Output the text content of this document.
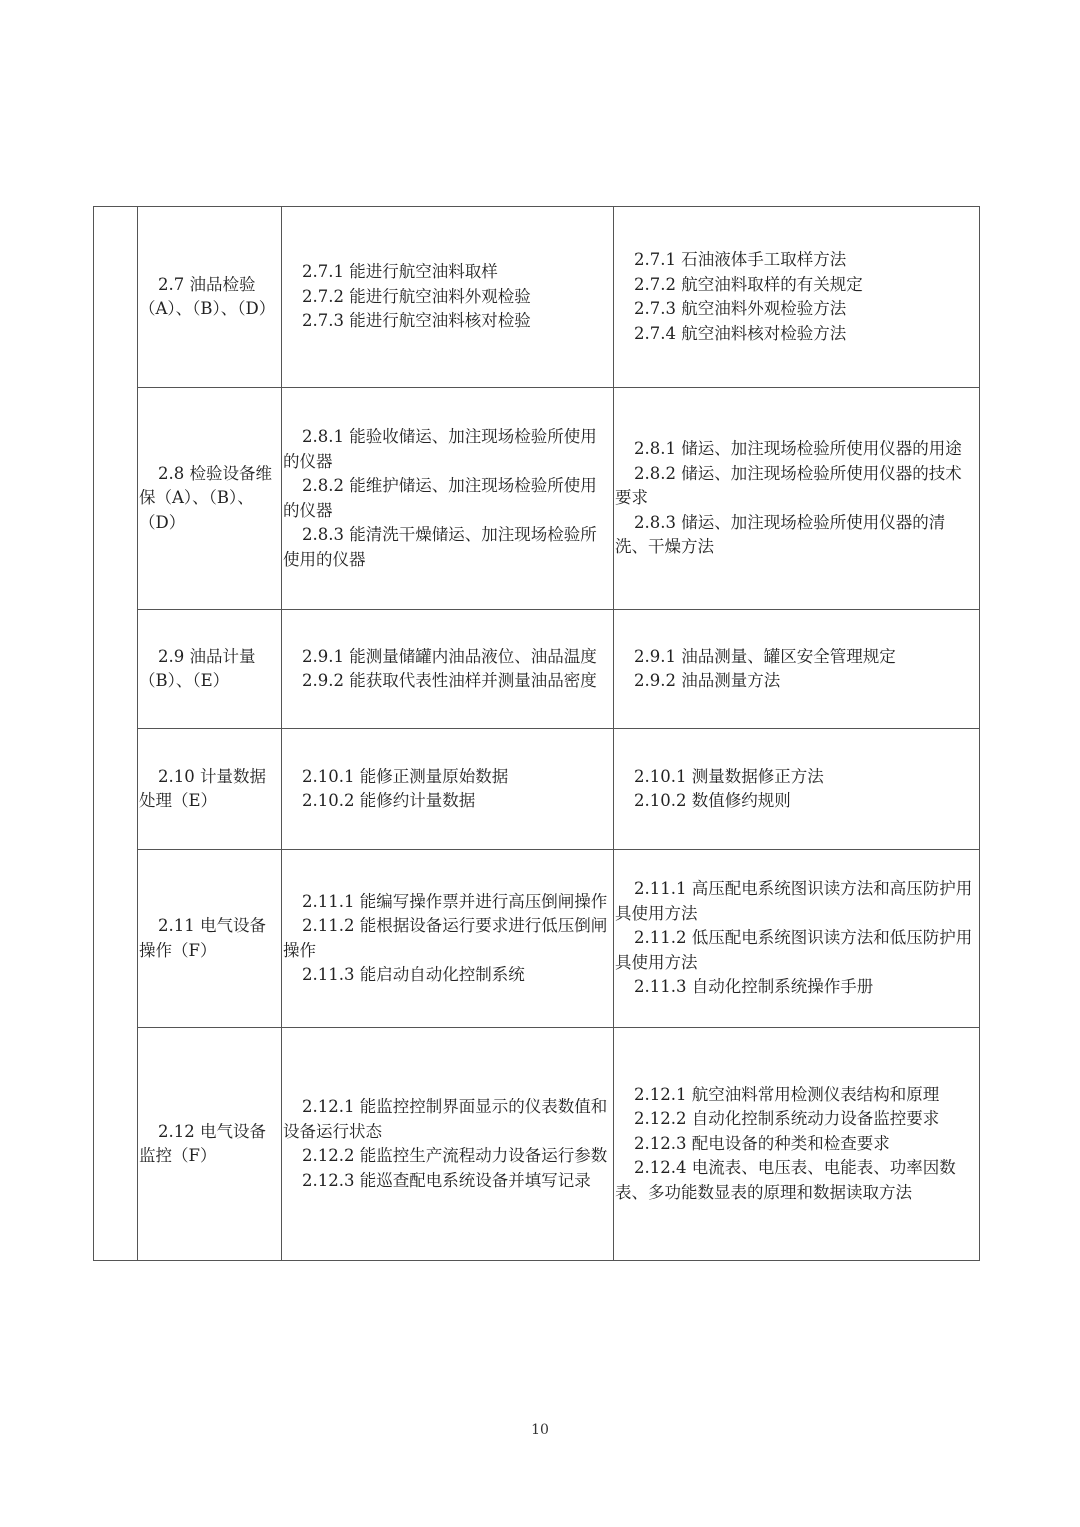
	2.7 油品检验（A）、（B）、（D）	2.7.1 能进行航空油料取样
2.7.2 能进行航空油料外观检验
2.7.3 能进行航空油料核对检验	2.7.1 石油液体手工取样方法
2.7.2 航空油料取样的有关规定
2.7.3 航空油料外观检验方法
2.7.4 航空油料核对检验方法

	2.8 检验设备维保（A）、（B）、（D）	2.8.1 能验收储运、加注现场检验所使用的仪器
2.8.2 能维护储运、加注现场检验所使用的仪器
2.8.3 能清洗干燥储运、加注现场检验所使用的仪器	2.8.1 储运、加注现场检验所使用仪器的用途
2.8.2 储运、加注现场检验所使用仪器的技术要求
2.8.3 储运、加注现场检验所使用仪器的清洗、干燥方法

	2.9 油品计量（B）、（E）	2.9.1 能测量储罐内油品液位、油品温度
2.9.2 能获取代表性油样并测量油品密度	2.9.1 油品测量、罐区安全管理规定
2.9.2 油品测量方法

	2.10 计量数据处理（E）	2.10.1 能修正测量原始数据
2.10.2 能修约计量数据	2.10.1 测量数据修正方法
2.10.2 数值修约规则

	2.11 电气设备操作（F）	2.11.1 能编写操作票并进行高压倒闸操作
2.11.2 能根据设备运行要求进行低压倒闸操作
2.11.3 能启动自动化控制系统	2.11.1 高压配电系统图识读方法和高压防护用具使用方法
2.11.2 低压配电系统图识读方法和低压防护用具使用方法
2.11.3 自动化控制系统操作手册

	2.12 电气设备监控（F）	2.12.1 能监控控制界面显示的仪表数值和设备运行状态
2.12.2 能监控生产流程动力设备运行参数
2.12.3 能巡查配电系统设备并填写记录	2.12.1 航空油料常用检测仪表结构和原理
2.12.2 自动化控制系统动力设备监控要求
2.12.3 配电设备的种类和检查要求
2.12.4 电流表、电压表、电能表、功率因数表、多功能数显表的原理和数据读取方法
10
